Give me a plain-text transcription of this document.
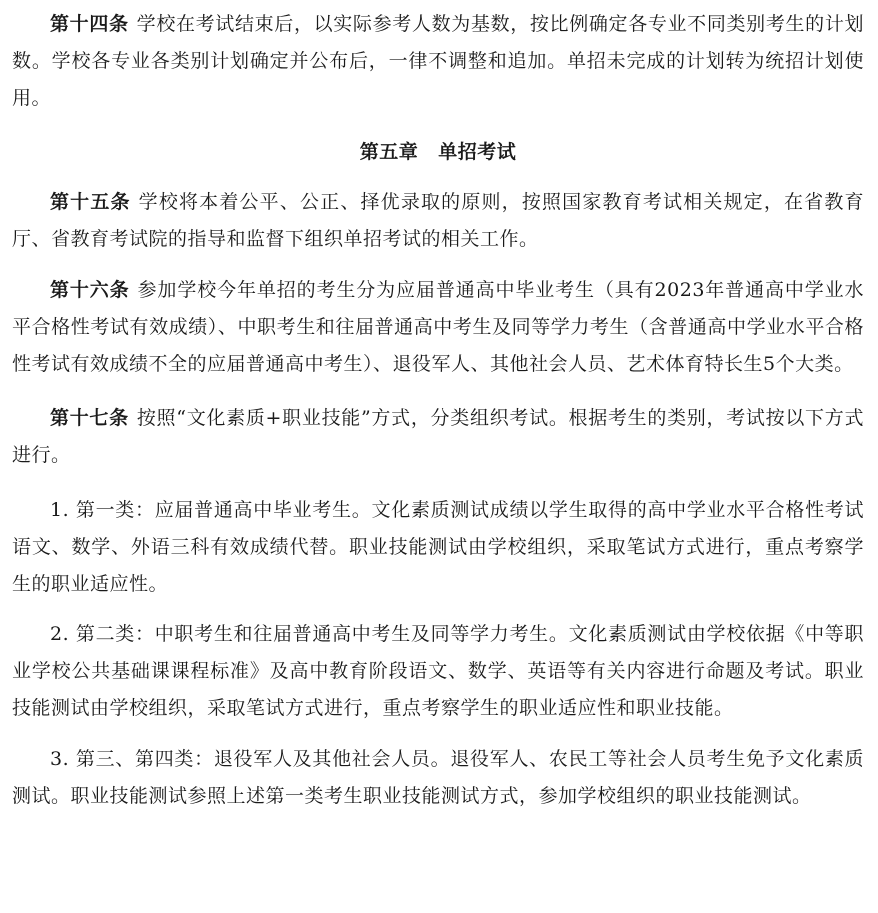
第十四条 学校在考试结束后，以实际参考人数为基数，按比例确定各专业不同类别考生的计划数。学校各专业各类别计划确定并公布后，一律不调整和追加。单招未完成的计划转为统招计划使用。

第五章 单招考试

第十五条 学校将本着公平、公正、择优录取的原则，按照国家教育考试相关规定，在省教育厅、省教育考试院的指导和监督下组织单招考试的相关工作。

第十六条 参加学校今年单招的考生分为应届普通高中毕业考生（具有2023年普通高中学业水平合格性考试有效成绩）、中职考生和往届普通高中考生及同等学力考生（含普通高中学业水平合格性考试有效成绩不全的应届普通高中考生）、退役军人、其他社会人员、艺术体育特长生5个大类。

第十七条 按照“文化素质+职业技能”方式，分类组织考试。根据考生的类别，考试按以下方式进行。

1. 第一类：应届普通高中毕业考生。文化素质测试成绩以学生取得的高中学业水平合格性考试语文、数学、外语三科有效成绩代替。职业技能测试由学校组织，采取笔试方式进行，重点考察学生的职业适应性。

2. 第二类：中职考生和往届普通高中考生及同等学力考生。文化素质测试由学校依据《中等职业学校公共基础课课程标准》及高中教育阶段语文、数学、英语等有关内容进行命题及考试。职业技能测试由学校组织，采取笔试方式进行，重点考察学生的职业适应性和职业技能。

3. 第三、第四类：退役军人及其他社会人员。退役军人、农民工等社会人员考生免予文化素质测试。职业技能测试参照上述第一类考生职业技能测试方式，参加学校组织的职业技能测试。
